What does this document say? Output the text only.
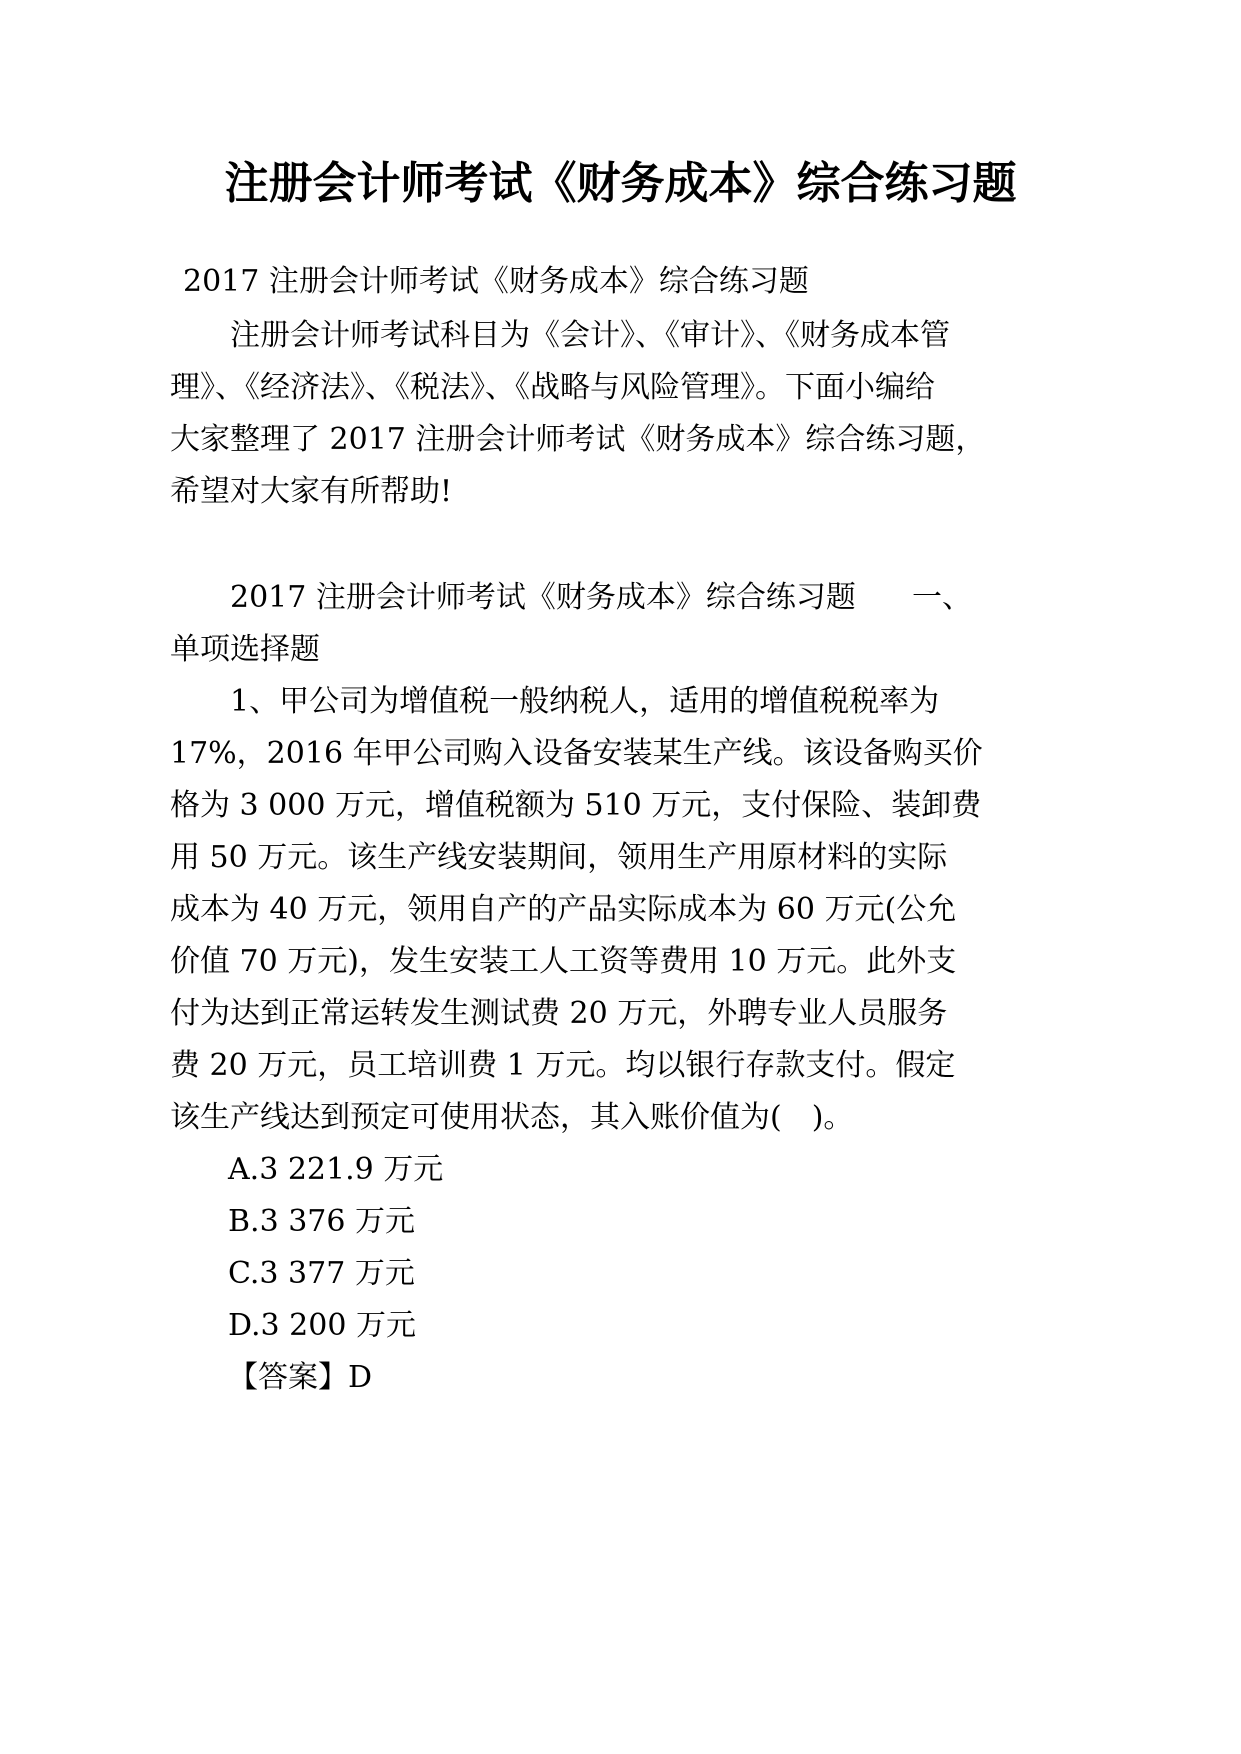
注册会计师考试《财务成本》综合练习题
2017 注册会计师考试《财务成本》综合练习题
注册会计师考试科目为《会计》、《审计》、《财务成本管
理》、《经济法》、《税法》、《战略与风险管理》。下面小编给
大家整理了 2017 注册会计师考试《财务成本》综合练习题，
希望对大家有所帮助!
2017 注册会计师考试《财务成本》综合练习题 一、
单项选择题
1、甲公司为增值税一般纳税人，适用的增值税税率为
17%，2016 年甲公司购入设备安装某生产线。该设备购买价
格为 3 000 万元，增值税额为 510 万元，支付保险、装卸费
用 50 万元。该生产线安装期间，领用生产用原材料的实际
成本为 40 万元，领用自产的产品实际成本为 60 万元(公允
价值 70 万元)，发生安装工人工资等费用 10 万元。此外支
付为达到正常运转发生测试费 20 万元，外聘专业人员服务
费 20 万元，员工培训费 1 万元。均以银行存款支付。假定
该生产线达到预定可使用状态，其入账价值为(　)。
A.3 221.9 万元
B.3 376 万元
C.3 377 万元
D.3 200 万元
【答案】D
